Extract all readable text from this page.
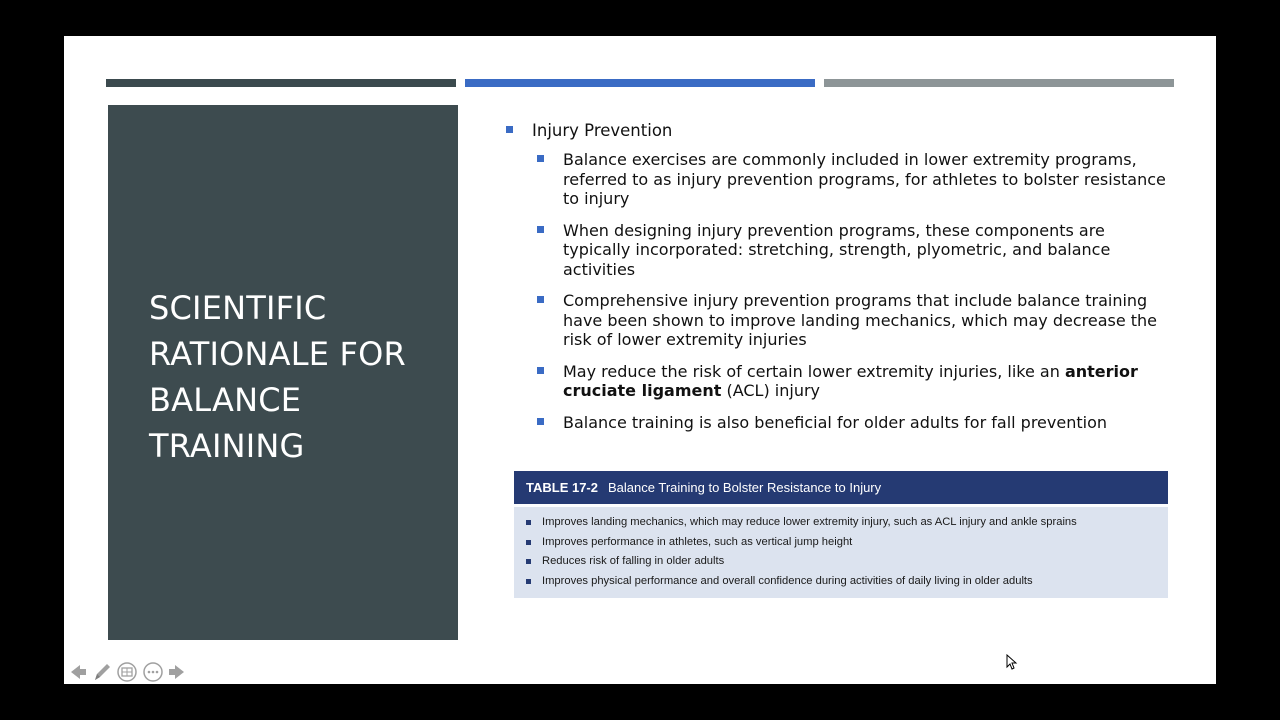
SCIENTIFIC
RATIONALE FOR
BALANCE
TRAINING
Injury Prevention
Balance exercises are commonly included in lower extremity programs, referred to as injury prevention programs, for athletes to bolster resistance to injury
When designing injury prevention programs, these components are typically incorporated: stretching, strength, plyometric, and balance activities
Comprehensive injury prevention programs that include balance training have been shown to improve landing mechanics, which may decrease the risk of lower extremity injuries
May reduce the risk of certain lower extremity injuries, like an anterior cruciate ligament (ACL) injury
Balance training is also beneficial for older adults for fall prevention
TABLE 17-2 Balance Training to Bolster Resistance to Injury
Improves landing mechanics, which may reduce lower extremity injury, such as ACL injury and ankle sprains
Improves performance in athletes, such as vertical jump height
Reduces risk of falling in older adults
Improves physical performance and overall confidence during activities of daily living in older adults
